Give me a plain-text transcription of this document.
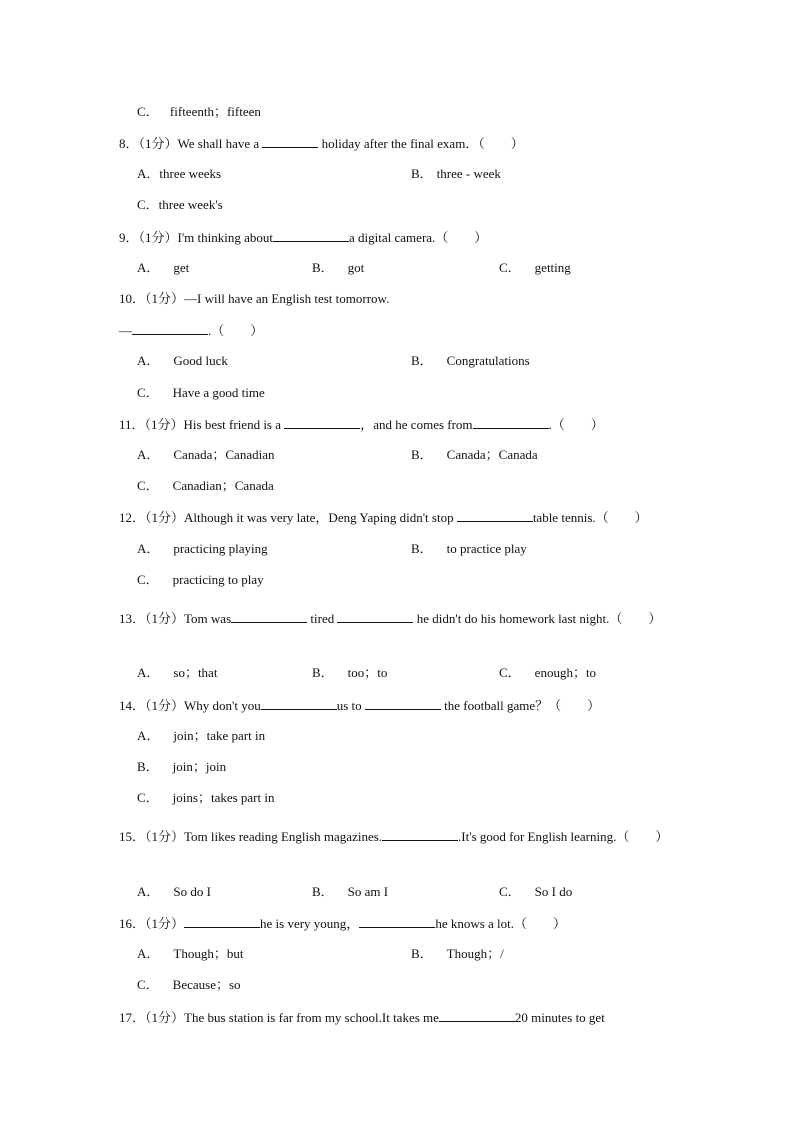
C． fifteenth；fifteen
8．（1分）We shall have a	holiday after the final exam．（　　）
A．three weeks	B． three - week
C．three week's
9．（1分）I'm thinking about	a digital camera.（　　）
A． get	B． got	C． getting
10．（1分）—I will have an English test tomorrow.
—	.（　　）
A． Good luck	B． Congratulations
C． Have a good time
11．（1分）His best friend is a	，and he comes from	.（　　）
A． Canada；Canadian	B． Canada；Canada
C． Canadian；Canada
12．（1分）Although it was very late，Deng Yaping didn't stop	table tennis.（　　）
A． practicing playing	B． to practice play
C． practicing to play
13．（1分）Tom was	tired	he didn't do his homework last night.（　　）
A． so；that	B． too；to	C． enough；to
14．（1分）Why don't you	us to	the football game？（　　）
A． join；take part in
B． join；join
C． joins；takes part in
15．（1分）Tom likes reading English magazines.	.It's good for English learning.（　　）
A． So do I	B． So am I	C． So I do
16．（1分）	he is very young，	he knows a lot.（　　）
A． Though；but	B． Though；/
C． Because；so
17．（1分）The bus station is far from my school.It takes me	20 minutes to get
